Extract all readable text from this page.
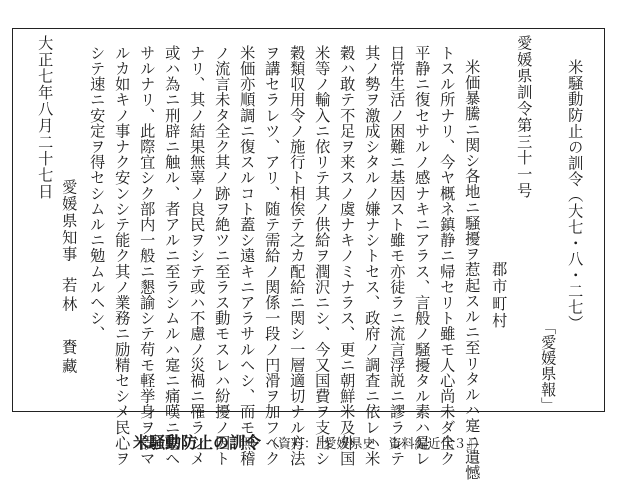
米騒動防止の訓令（大七・八・二七）
「愛媛県報」
愛媛県訓令第三十一号
郡市町村
米価暴騰ニ関シ各地ニ騒擾ヲ惹起スルニ至リタルハ寔ニ遺憾
トスル所ナリ、今ヤ概ネ鎮静ニ帰セリト雖モ人心尚未ダ全ク
平静ニ復セサルノ感ナキニアラス、言般ノ騒擾タル素ハ是レ
日常生活ノ困難ニ基因スト雖モ亦徒ラニ流言浮説ニ謬ラレテ
其ノ勢ヲ激成シタルノ嫌ナシトセス、政府ノ調査ニ依レハ米
穀ハ敢テ不足ヲ来スノ虞ナキノミナラス、更ニ朝鮮米及外国
米等ノ輸入ニ依リテ其ノ供給ヲ潤沢ニシ、今又国費ヲ支出シ
穀類収用令ノ施行ト相俟テ之カ配給ニ関シ一層適切ナル方法
ヲ講セラレツ、アリ、随テ需給ノ関係一段ノ円滑ヲ加フヘク
米価亦順調ニ復スルコト蓋シ遠キニアラサルヘシ、而モ無稽
ノ流言未タ全ク其ノ跡ヲ絶ツニ至ラス動モスレハ紛擾ノ因ト
ナリ、其ノ結果無辜ノ良民ヲシテ或ハ不慮ノ災禍ニ罹ラシメ
或ハ為ニ刑辟ニ触ル、者アルニ至ラシムルハ寔ニ痛嘆ニ堪ヘ
サルナリ、此際宜シク部内一般ニ懇諭シテ苟モ軽挙身ヲ誤マ
ルカ如キノ事ナク安ンシテ能ク其ノ業務ニ励精セシメ民心ヲ
シテ速ニ安定ヲ得セシムルニ勉ムルヘシ、
愛媛県知事
若林
賚藏
大正七年八月二十七日
米騒動防止の訓令 （資料：『愛媛県史　資料編近代３』）
